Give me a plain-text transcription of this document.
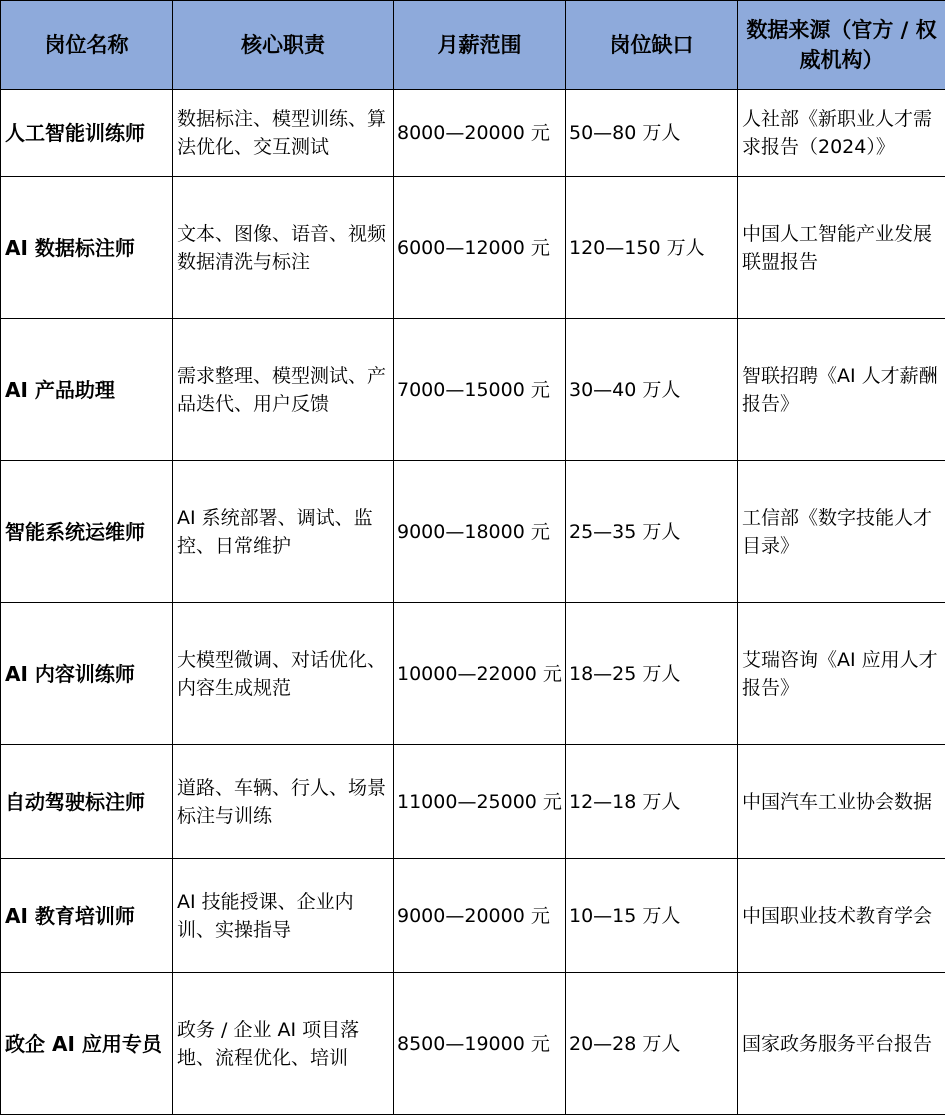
岗位名称	核心职责	月薪范围	岗位缺口	数据来源（官方 / 权威机构）
人工智能训练师	数据标注、模型训练、算法优化、交互测试	8000—20000 元	50—80 万人	人社部《新职业人才需求报告（2024）》
AI 数据标注师	文本、图像、语音、视频数据清洗与标注	6000—12000 元	120—150 万人	中国人工智能产业发展联盟报告
AI 产品助理	需求整理、模型测试、产品迭代、用户反馈	7000—15000 元	30—40 万人	智联招聘《AI 人才薪酬报告》
智能系统运维师	AI 系统部署、调试、监控、日常维护	9000—18000 元	25—35 万人	工信部《数字技能人才目录》
AI 内容训练师	大模型微调、对话优化、内容生成规范	10000—22000 元	18—25 万人	艾瑞咨询《AI 应用人才报告》
自动驾驶标注师	道路、车辆、行人、场景标注与训练	11000—25000 元	12—18 万人	中国汽车工业协会数据
AI 教育培训师	AI 技能授课、企业内训、实操指导	9000—20000 元	10—15 万人	中国职业技术教育学会
政企 AI 应用专员	政务 / 企业 AI 项目落地、流程优化、培训	8500—19000 元	20—28 万人	国家政务服务平台报告
